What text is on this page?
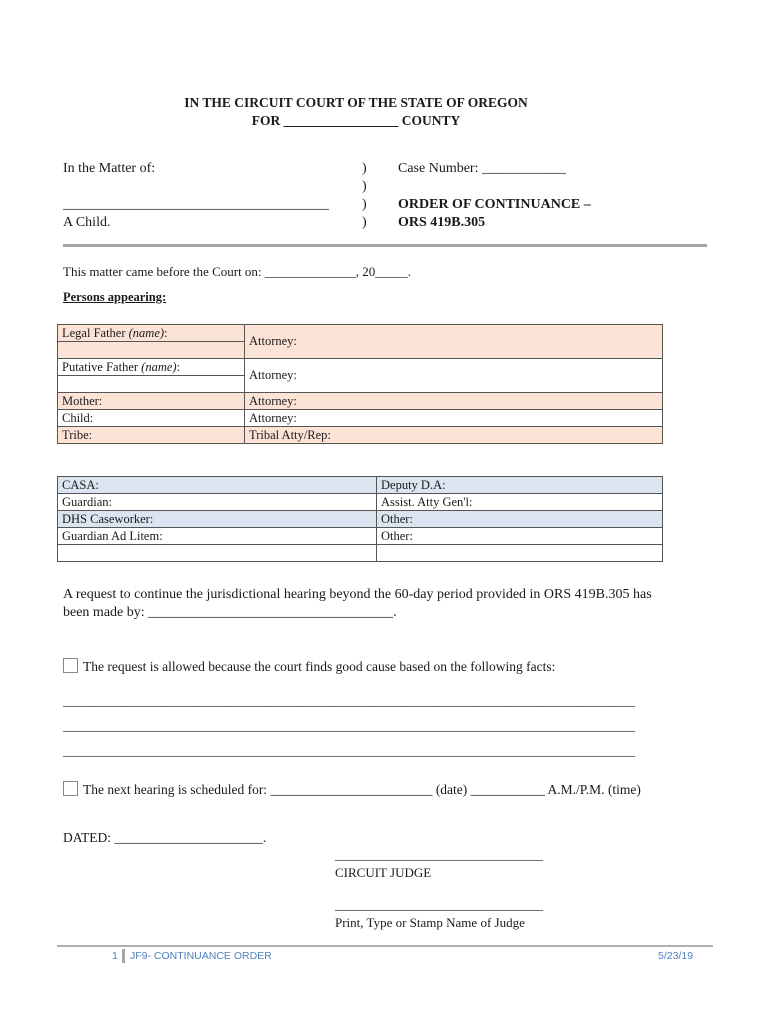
IN THE CIRCUIT COURT OF THE STATE OF OREGON
FOR _________________ COUNTY
In the Matter of:
______________________________________
A Child.
)
)
)
)
Case Number: ____________
ORDER OF CONTINUANCE –
ORS 419B.305
This matter came before the Court on: ______________, 20_____.
Persons appearing:
Legal Father (name):	Attorney:

Putative Father (name):	Attorney:

Mother:	Attorney:
Child:	Attorney:
Tribe:	Tribal Atty/Rep:
CASA:	Deputy D.A:
Guardian:	Assist. Atty Gen'l:
DHS Caseworker:	Other:
Guardian Ad Litem:	Other:

A request to continue the jurisdictional hearing beyond the 60-day period provided in ORS 419B.305 has
been made by: ___________________________________.
The request is allowed because the court finds good cause based on the following facts:
________________________________________________________________________________________
________________________________________________________________________________________
________________________________________________________________________________________
The next hearing is scheduled for: ________________________ (date) ___________ A.M./P.M. (time)
DATED: ______________________.
________________________________
CIRCUIT JUDGE
________________________________
Print, Type or Stamp Name of Judge
1 JF9- CONTINUANCE ORDER	5/23/19
